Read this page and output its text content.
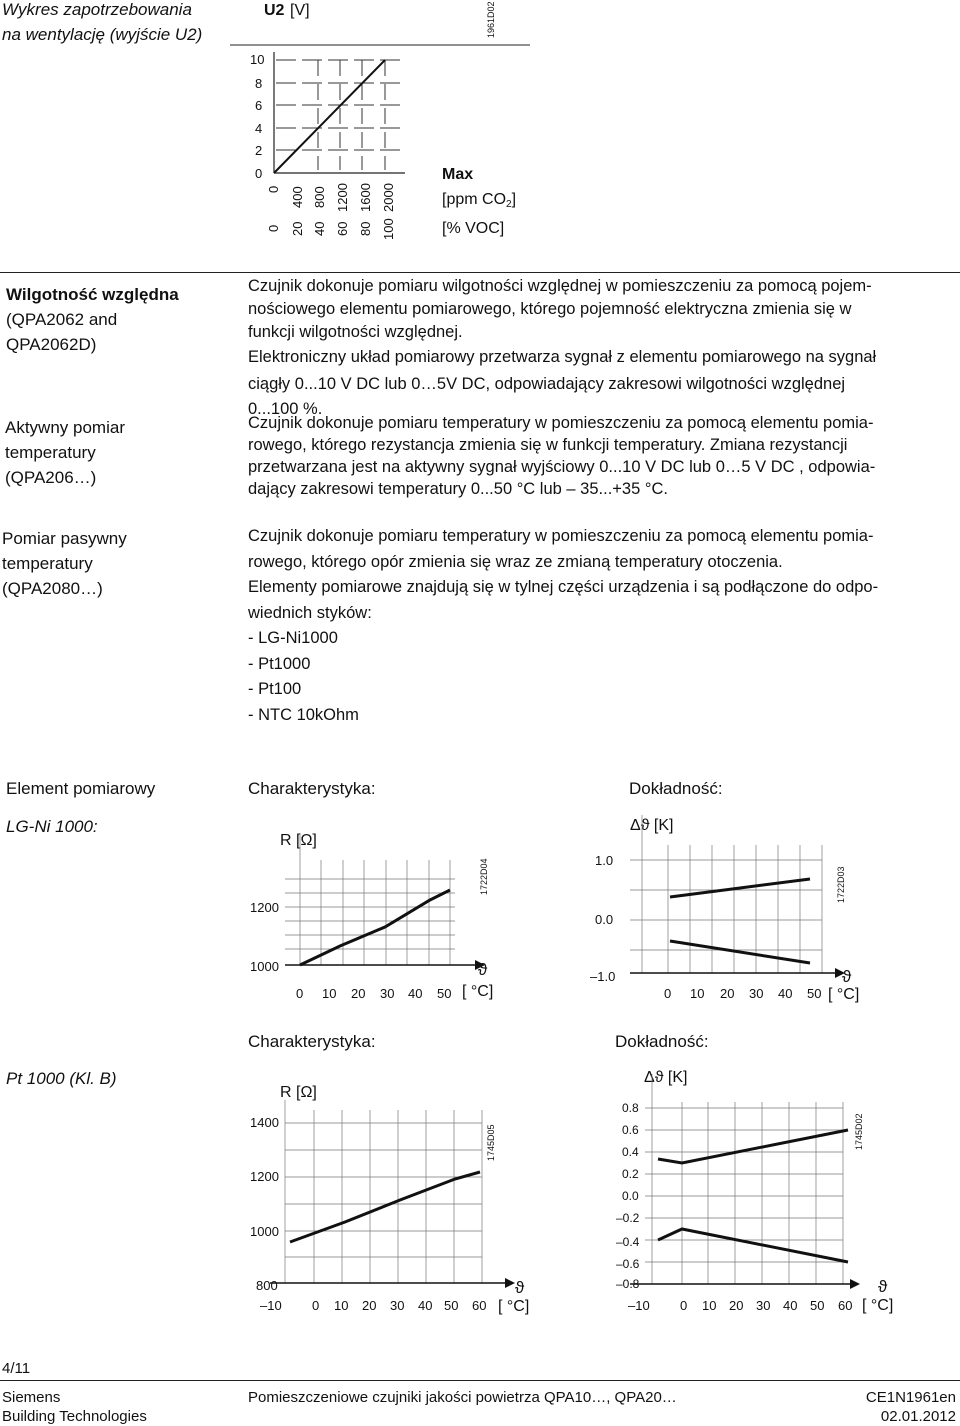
Wykres zapotrzebowania
na wentylację (wyjście U2)
U2 [V]	1961D02
10
8
6
4
2
0
0 400 800 1200 1600 2000
0 20 40 60 80 100
Max
[ppm CO2]
[% VOC]
Wilgotność względna
(QPA2062 and
QPA2062D)
Czujnik dokonuje pomiaru wilgotności względnej w pomieszczeniu za pomocą pojem-
nościowego elementu pomiarowego, którego pojemność elektryczna zmienia się w
funkcji wilgotności względnej.
Elektroniczny układ pomiarowy przetwarza sygnał z elementu pomiarowego na sygnał
ciągły 0...10 V DC lub 0…5V DC, odpowiadający zakresowi wilgotności względnej
0...100 %.
Aktywny pomiar
temperatury
(QPA206…)
Czujnik dokonuje pomiaru temperatury w pomieszczeniu za pomocą elementu pomia-
rowego, którego rezystancja zmienia się w funkcji temperatury. Zmiana rezystancji
przetwarzana jest na aktywny sygnał wyjściowy 0...10 V DC lub 0…5 V DC , odpowia-
dający zakresowi temperatury 0...50 °C lub ‒ 35...+35 °C.
Pomiar pasywny
temperatury
(QPA2080…)
Czujnik dokonuje pomiaru temperatury w pomieszczeniu za pomocą elementu pomia-
rowego, którego opór zmienia się wraz ze zmianą temperatury otoczenia.
Elementy pomiarowe znajdują się w tylnej części urządzenia i są podłączone do odpo-
wiednich styków:
- LG-Ni1000
- Pt1000
- Pt100
- NTC 10kOhm
Element pomiarowy	Charakterystyka:	Dokładność:
LG-Ni 1000:
R [Ω]
1722D04
1200
1000
0 10 20 30 40 50
ϑ
[ °C]
Δϑ [K]
1722D03
1.0
0.0
–1.0
0 10 20 30 40 50
ϑ
[ °C]
Charakterystyka:	Dokładność:
Pt 1000 (Kl. B)
R [Ω]
1745D05
1400
1200
1000
800
–10 0 10 20 30 40 50 60
ϑ
[ °C]
Δϑ [K]
1745D02
0.8
0.6
0.4
0.2
0.0
–0.2
–0.4
–0.6
–0.8
–10 0 10 20 30 40 50 60
ϑ
[ °C]
4/11
Siemens
Building Technologies
Pomieszczeniowe czujniki jakości powietrza QPA10…, QPA20…	CE1N1961en
02.01.2012
